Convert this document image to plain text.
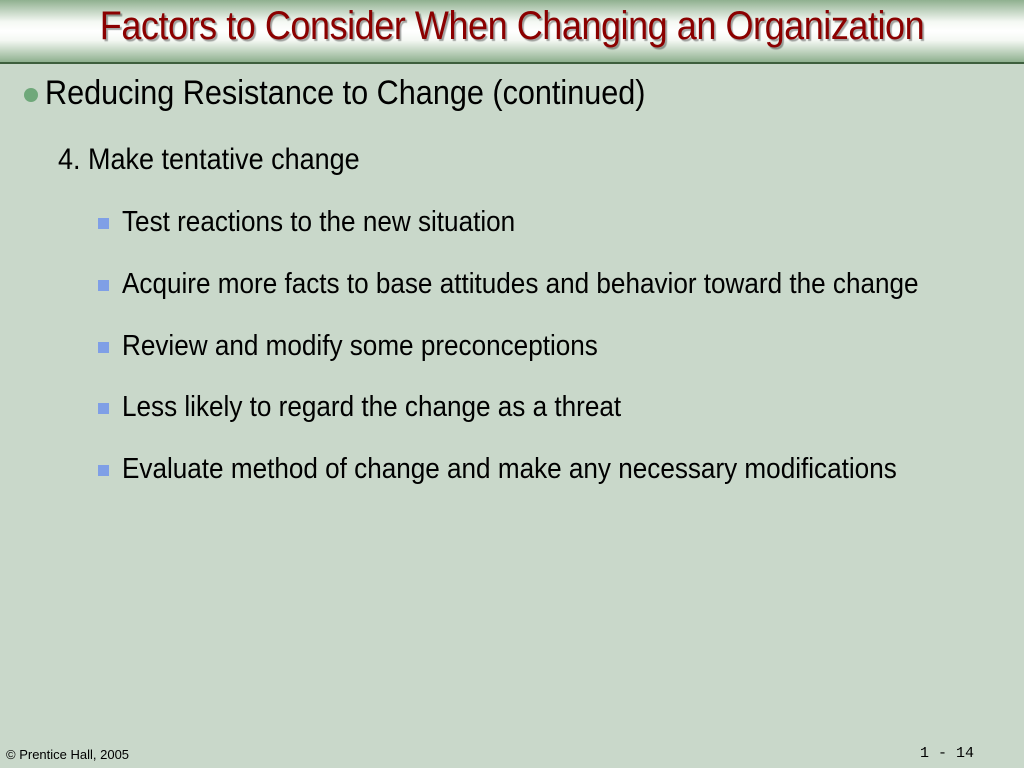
Factors to Consider When Changing an Organization
Reducing Resistance to Change (continued)
4. Make tentative change
Test reactions to the new situation
Acquire more facts to base attitudes and behavior toward the change
Review and modify some preconceptions
Less likely to regard the change as a threat
Evaluate method of change and make any necessary modifications
© Prentice Hall, 2005	1 - 14
